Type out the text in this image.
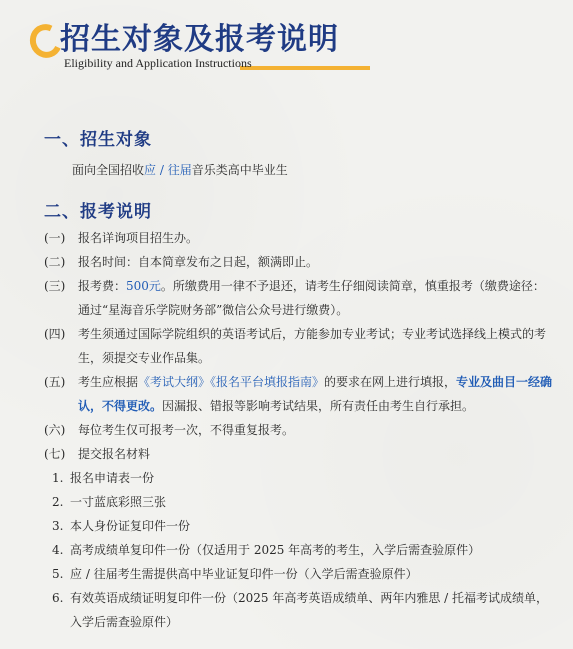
招生对象及报考说明
Eligibility and Application Instructions
一、招生对象
面向全国招收应 / 往届音乐类高中毕业生
二、报考说明
(一)	报名详询项目招生办。
(二)	报名时间：自本简章发布之日起，额满即止。
(三)	报考费：500元。所缴费用一律不予退还，请考生仔细阅读简章，慎重报考（缴费途径：通过“星海音乐学院财务部”微信公众号进行缴费）。
(四)	考生须通过国际学院组织的英语考试后，方能参加专业考试；专业考试选择线上模式的考生，须提交专业作品集。
(五)	考生应根据《考试大纲》《报名平台填报指南》的要求在网上进行填报，专业及曲目一经确认，不得更改。因漏报、错报等影响考试结果，所有责任由考生自行承担。
(六)	每位考生仅可报考一次，不得重复报考。
(七)	提交报名材料
1. 报名申请表一份
2. 一寸蓝底彩照三张
3. 本人身份证复印件一份
4. 高考成绩单复印件一份（仅适用于 2025 年高考的考生，入学后需查验原件）
5. 应 / 往届考生需提供高中毕业证复印件一份（入学后需查验原件）
6. 有效英语成绩证明复印件一份（2025 年高考英语成绩单、两年内雅思 / 托福考试成绩单，入学后需查验原件）
